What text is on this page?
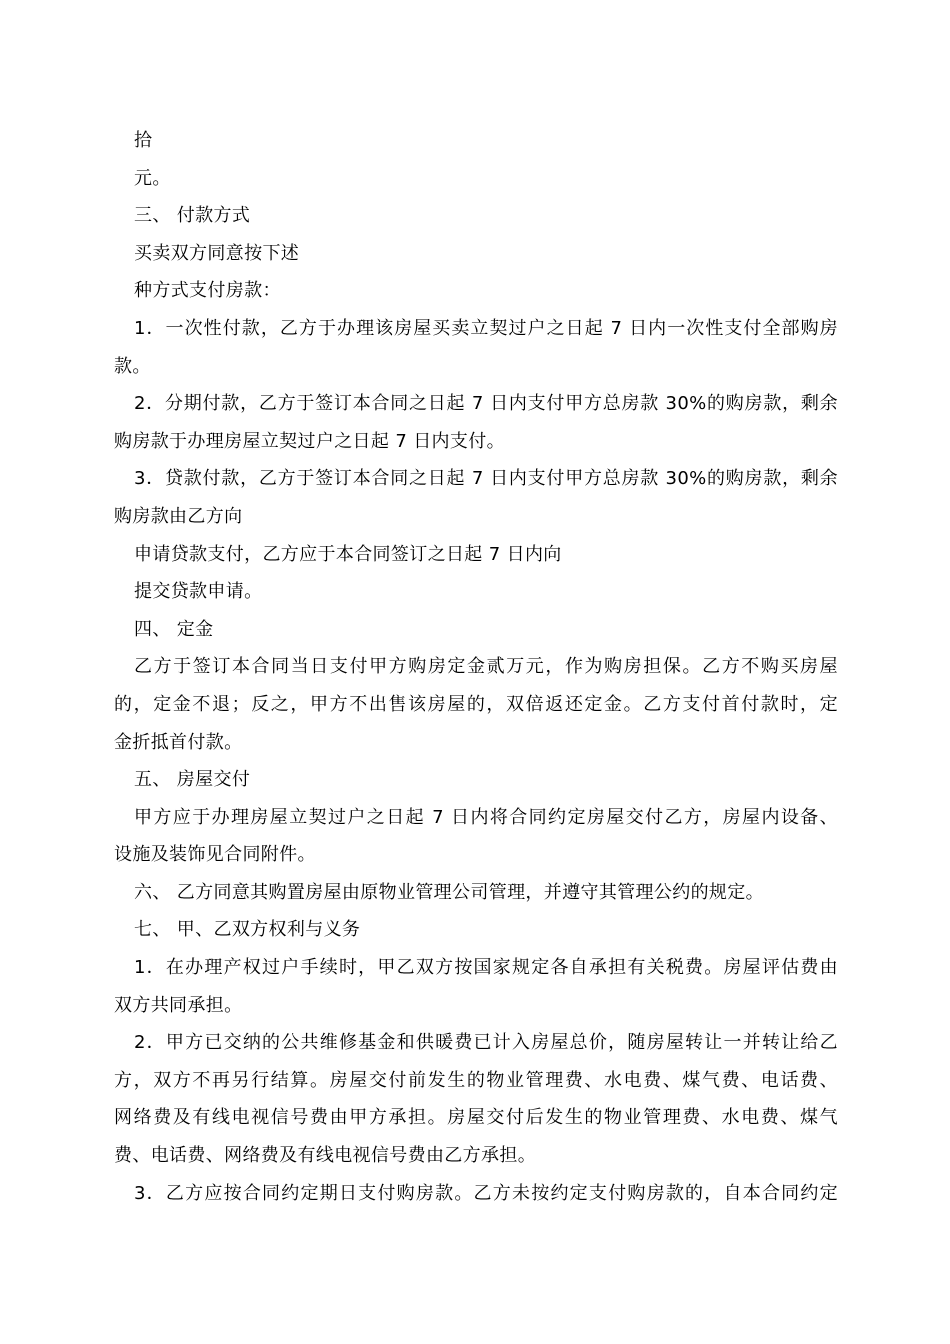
拾
元。
三、 付款方式
买卖双方同意按下述
种方式支付房款：
1．一次性付款，乙方于办理该房屋买卖立契过户之日起 7 日内一次性支付全部购房
款。
2．分期付款，乙方于签订本合同之日起 7 日内支付甲方总房款 30%的购房款，剩余
购房款于办理房屋立契过户之日起 7 日内支付。
3．贷款付款，乙方于签订本合同之日起 7 日内支付甲方总房款 30%的购房款，剩余
购房款由乙方向
申请贷款支付，乙方应于本合同签订之日起 7 日内向
提交贷款申请。
四、 定金
乙方于签订本合同当日支付甲方购房定金贰万元，作为购房担保。乙方不购买房屋
的，定金不退；反之，甲方不出售该房屋的，双倍返还定金。乙方支付首付款时，定
金折抵首付款。
五、 房屋交付
甲方应于办理房屋立契过户之日起 7 日内将合同约定房屋交付乙方，房屋内设备、
设施及装饰见合同附件。
六、 乙方同意其购置房屋由原物业管理公司管理，并遵守其管理公约的规定。
七、 甲、乙双方权利与义务
1．在办理产权过户手续时，甲乙双方按国家规定各自承担有关税费。房屋评估费由
双方共同承担。
2．甲方已交纳的公共维修基金和供暖费已计入房屋总价，随房屋转让一并转让给乙
方，双方不再另行结算。房屋交付前发生的物业管理费、水电费、煤气费、电话费、
网络费及有线电视信号费由甲方承担。房屋交付后发生的物业管理费、水电费、煤气
费、电话费、网络费及有线电视信号费由乙方承担。
3．乙方应按合同约定期日支付购房款。乙方未按约定支付购房款的，自本合同约定
